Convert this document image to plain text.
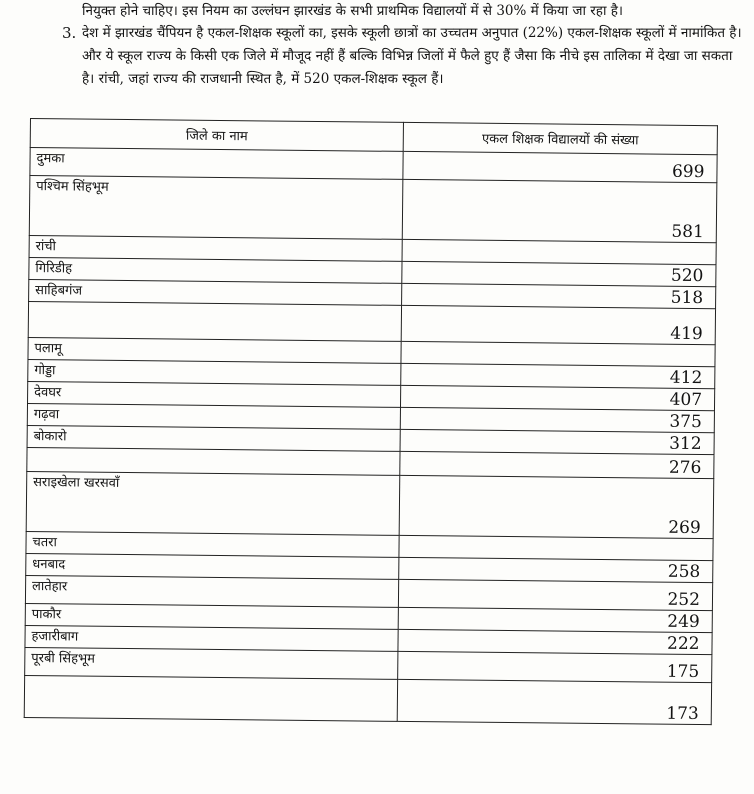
नियुक्त होने चाहिए। इस नियम का उल्लंघन झारखंड के सभी प्राथमिक विद्यालयों में से 30% में किया जा रहा है।
3. देश में झारखंड चैंपियन है एकल-शिक्षक स्कूलों का, इसके स्कूली छात्रों का उच्चतम अनुपात (22%) एकल-शिक्षक स्कूलों में नामांकित है। और ये स्कूल राज्य के किसी एक जिले में मौजूद नहीं हैं बल्कि विभिन्न जिलों में फैले हुए हैं जैसा कि नीचे इस तालिका में देखा जा सकता है। रांची, जहां राज्य की राजधानी स्थित है, में 520 एकल-शिक्षक स्कूल हैं।
जिले का नाम	एकल शिक्षक विद्यालयों की संख्या
दुमका	699
पश्चिम सिंहभूम	581
रांची	
गिरिडीह	520
साहिबगंज	518
	419
पलामू	
गोड्डा	412
देवघर	407
गढ़वा	375
बोकारो	312
	276
सराइखेला खरसवाँ	269
चतरा	
धनबाद	258
लातेहार	252
पाकौर	249
हजारीबाग	222
पूरबी सिंहभूम	175
	173
